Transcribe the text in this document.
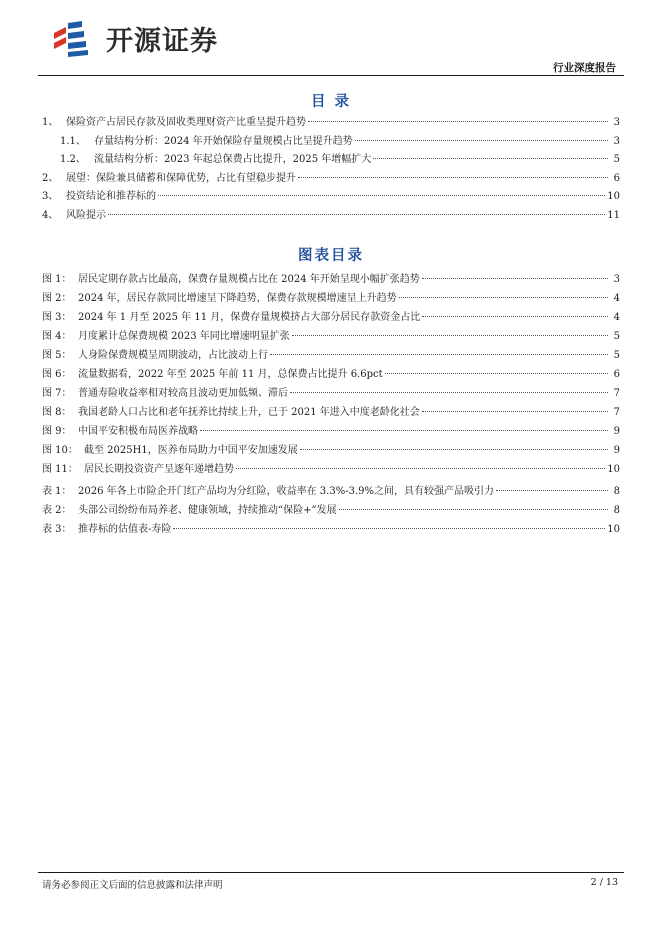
开源证券
行业深度报告
目 录
1、 保险资产占居民存款及固收类理财资产比重呈提升趋势	3
1.1、 存量结构分析：2024 年开始保险存量规模占比呈提升趋势	3
1.2、 流量结构分析：2023 年起总保费占比提升，2025 年增幅扩大	5
2、 展望：保险兼具储蓄和保障优势，占比有望稳步提升	6
3、 投资结论和推荐标的	10
4、 风险提示	11
图表目录
图 1： 居民定期存款占比最高，保费存量规模占比在 2024 年开始呈现小幅扩张趋势	3
图 2： 2024 年，居民存款同比增速呈下降趋势，保费存款规模增速呈上升趋势	4
图 3： 2024 年 1 月至 2025 年 11 月，保费存量规模挤占大部分居民存款资金占比	4
图 4： 月度累计总保费规模 2023 年同比增速明显扩张	5
图 5： 人身险保费规模呈周期波动，占比波动上行	5
图 6： 流量数据看，2022 年至 2025 年前 11 月，总保费占比提升 6.6pct	6
图 7： 普通寿险收益率相对较高且波动更加低频、滞后	7
图 8： 我国老龄人口占比和老年抚养比持续上升，已于 2021 年进入中度老龄化社会	7
图 9： 中国平安积极布局医养战略	9
图 10： 截至 2025H1，医养布局助力中国平安加速发展	9
图 11： 居民长期投资资产呈逐年递增趋势	10
表 1： 2026 年各上市险企开门红产品均为分红险，收益率在 3.3%-3.9%之间，具有较强产品吸引力	8
表 2： 头部公司纷纷布局养老、健康领域，持续推动“保险+”发展	8
表 3： 推荐标的估值表-寿险	10
请务必参阅正文后面的信息披露和法律声明	2 / 13
